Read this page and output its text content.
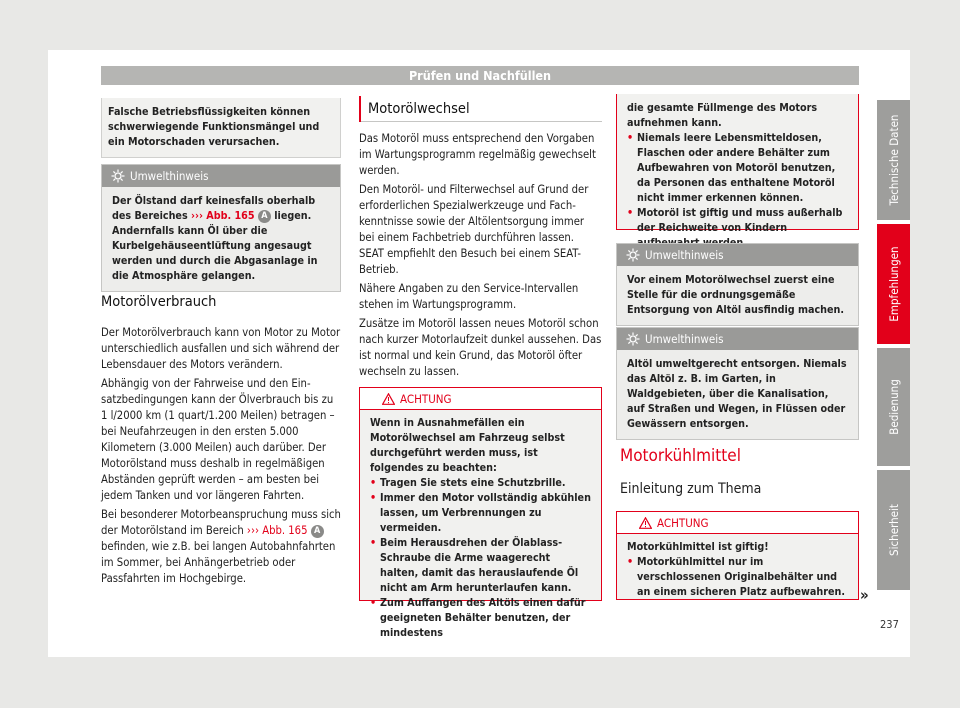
Prüfen und Nachfüllen
Falsche Betriebsflüssigkeiten können schwerwiegende Funktionsmängel und ein Motorschaden verursachen.
Umwelthinweis
Der Ölstand darf keinesfalls oberhalb des Bereiches ››› Abb. 165 A liegen. Andernfalls kann Öl über die Kurbelgehäuseentlüftung angesaugt werden und durch die Abgasanlage in die Atmosphäre gelangen.
Motorölverbrauch

Der Motorölverbrauch kann von Motor zu Motor unterschiedlich ausfallen und sich während der Lebensdauer des Motors verändern.

Abhängig von der Fahrweise und den Einsatzbedingungen kann der Ölverbrauch bis zu 1 l/2000 km (1 quart/1.200 Meilen) betragen – bei Neufahrzeugen in den ersten 5.000 Kilometern (3.000 Meilen) auch darüber. Der Motorölstand muss deshalb in regelmäßigen Abständen geprüft werden – am besten bei jedem Tanken und vor längeren Fahrten.

Bei besonderer Motorbeanspruchung muss sich der Motorölstand im Bereich ››› Abb. 165 A befinden, wie z.B. bei langen Autobahnfahrten im Sommer, bei Anhängerbetrieb oder Passfahrten im Hochgebirge.

Motorölwechsel

Das Motoröl muss entsprechend den Vorgaben im Wartungsprogramm regelmäßig gewechselt werden.

Den Motoröl- und Filterwechsel auf Grund der erforderlichen Spezialwerkzeuge und Fachkenntnisse sowie der Altölentsorgung immer bei einem Fachbetrieb durchführen lassen. SEAT empfiehlt den Besuch bei einem SEAT-Betrieb.

Nähere Angaben zu den Service-Intervallen stehen im Wartungsprogramm.

Zusätze im Motoröl lassen neues Motoröl schon nach kurzer Motorlaufzeit dunkel aussehen. Das ist normal und kein Grund, das Motoröl öfter wechseln zu lassen.

ACHTUNG
Wenn in Ausnahmefällen ein Motorölwechsel am Fahrzeug selbst durchgeführt werden muss, ist folgendes zu beachten:
• Tragen Sie stets eine Schutzbrille.
• Immer den Motor vollständig abkühlen lassen, um Verbrennungen zu vermeiden.
• Beim Herausdrehen der Ölablass-Schraube die Arme waagerecht halten, damit das herauslaufende Öl nicht am Arm herunterlaufen kann.
• Zum Auffangen des Altöls einen dafür geeigneten Behälter benutzen, der mindestens
die gesamte Füllmenge des Motors aufnehmen kann.
• Niemals leere Lebensmitteldosen, Flaschen oder andere Behälter zum Aufbewahren von Motoröl benutzen, da Personen das enthaltene Motoröl nicht immer erkennen können.
• Motoröl ist giftig und muss außerhalb der Reichweite von Kindern
Umwelthinweis
Vor einem Motorölwechsel zuerst eine Stelle für die ordnungsgemäße Entsorgung von Altöl ausfindig machen.
Umwelthinweis
Altöl umweltgerecht entsorgen. Niemals das Altöl z. B. im Garten, in Waldgebieten, über die Kanalisation, auf Straßen und Wegen, in Flüssen oder Gewässern entsorgen.
Motorkühlmittel
Einleitung zum Thema
ACHTUNG
Motorkühlmittel ist giftig!
• Motorkühlmittel nur im verschlossenen Originalbehälter und an einem sicheren Platz aufbewahren. »
Technische Daten
Empfehlungen
Bedienung
Sicherheit
237
